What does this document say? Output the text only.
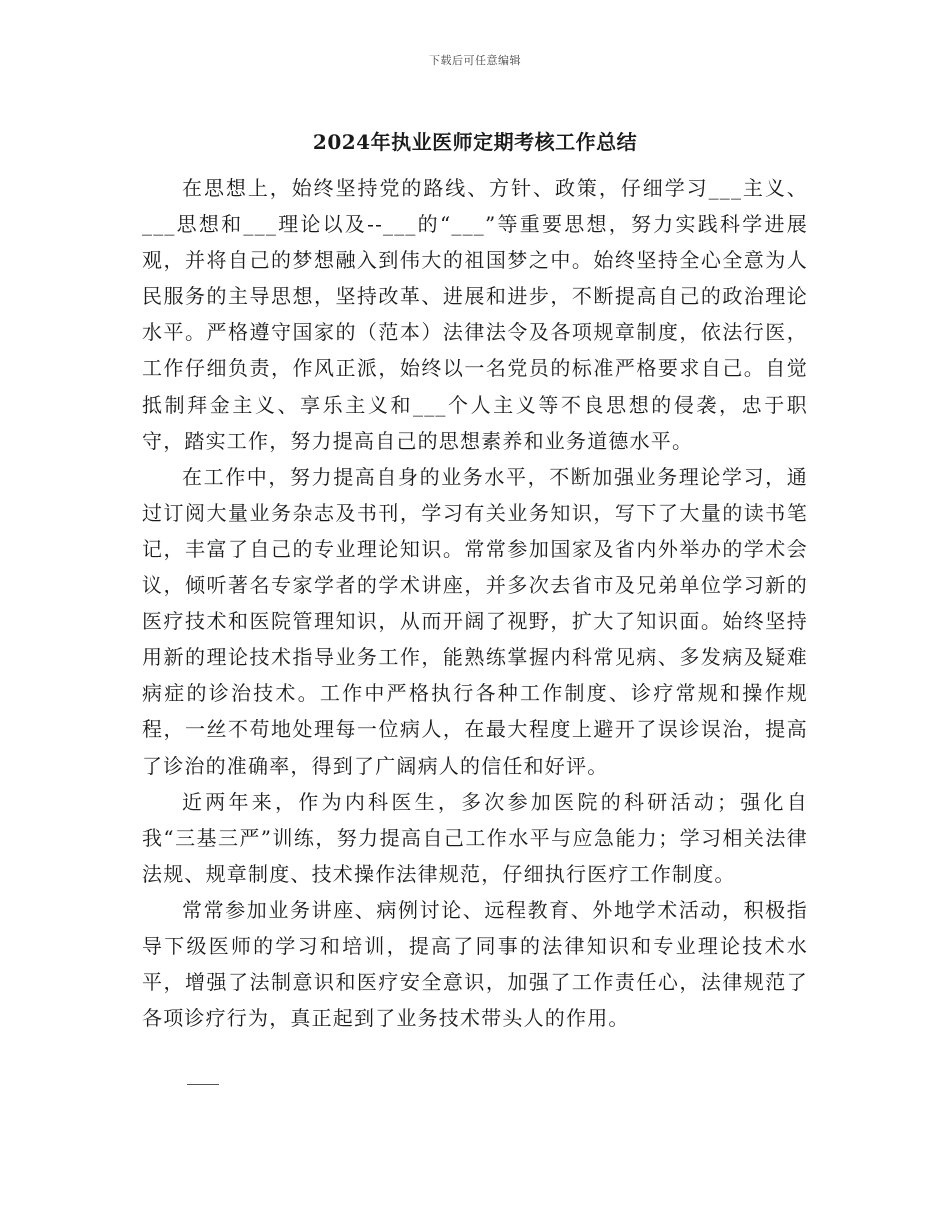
下载后可任意编辑
2024年执业医师定期考核工作总结

在思想上，始终坚持党的路线、方针、政策，仔细学习___主义、___思想和___理论以及--___的“___”等重要思想，努力实践科学进展观，并将自己的梦想融入到伟大的祖国梦之中。始终坚持全心全意为人民服务的主导思想，坚持改革、进展和进步，不断提高自己的政治理论水平。严格遵守国家的（范本）法律法令及各项规章制度，依法行医，工作仔细负责，作风正派，始终以一名党员的标准严格要求自己。自觉抵制拜金主义、享乐主义和___个人主义等不良思想的侵袭，忠于职守，踏实工作，努力提高自己的思想素养和业务道德水平。

在工作中，努力提高自身的业务水平，不断加强业务理论学习，通过订阅大量业务杂志及书刊，学习有关业务知识，写下了大量的读书笔记，丰富了自己的专业理论知识。常常参加国家及省内外举办的学术会议，倾听著名专家学者的学术讲座，并多次去省市及兄弟单位学习新的医疗技术和医院管理知识，从而开阔了视野，扩大了知识面。始终坚持用新的理论技术指导业务工作，能熟练掌握内科常见病、多发病及疑难病症的诊治技术。工作中严格执行各种工作制度、诊疗常规和操作规程，一丝不苟地处理每一位病人，在最大程度上避开了误诊误治，提高了诊治的准确率，得到了广阔病人的信任和好评。

近两年来，作为内科医生，多次参加医院的科研活动；强化自我“三基三严”训练，努力提高自己工作水平与应急能力；学习相关法律法规、规章制度、技术操作法律规范，仔细执行医疗工作制度。

常常参加业务讲座、病例讨论、远程教育、外地学术活动，积极指导下级医师的学习和培训，提高了同事的法律知识和专业理论技术水平，增强了法制意识和医疗安全意识，加强了工作责任心，法律规范了各项诊疗行为，真正起到了业务技术带头人的作用。
